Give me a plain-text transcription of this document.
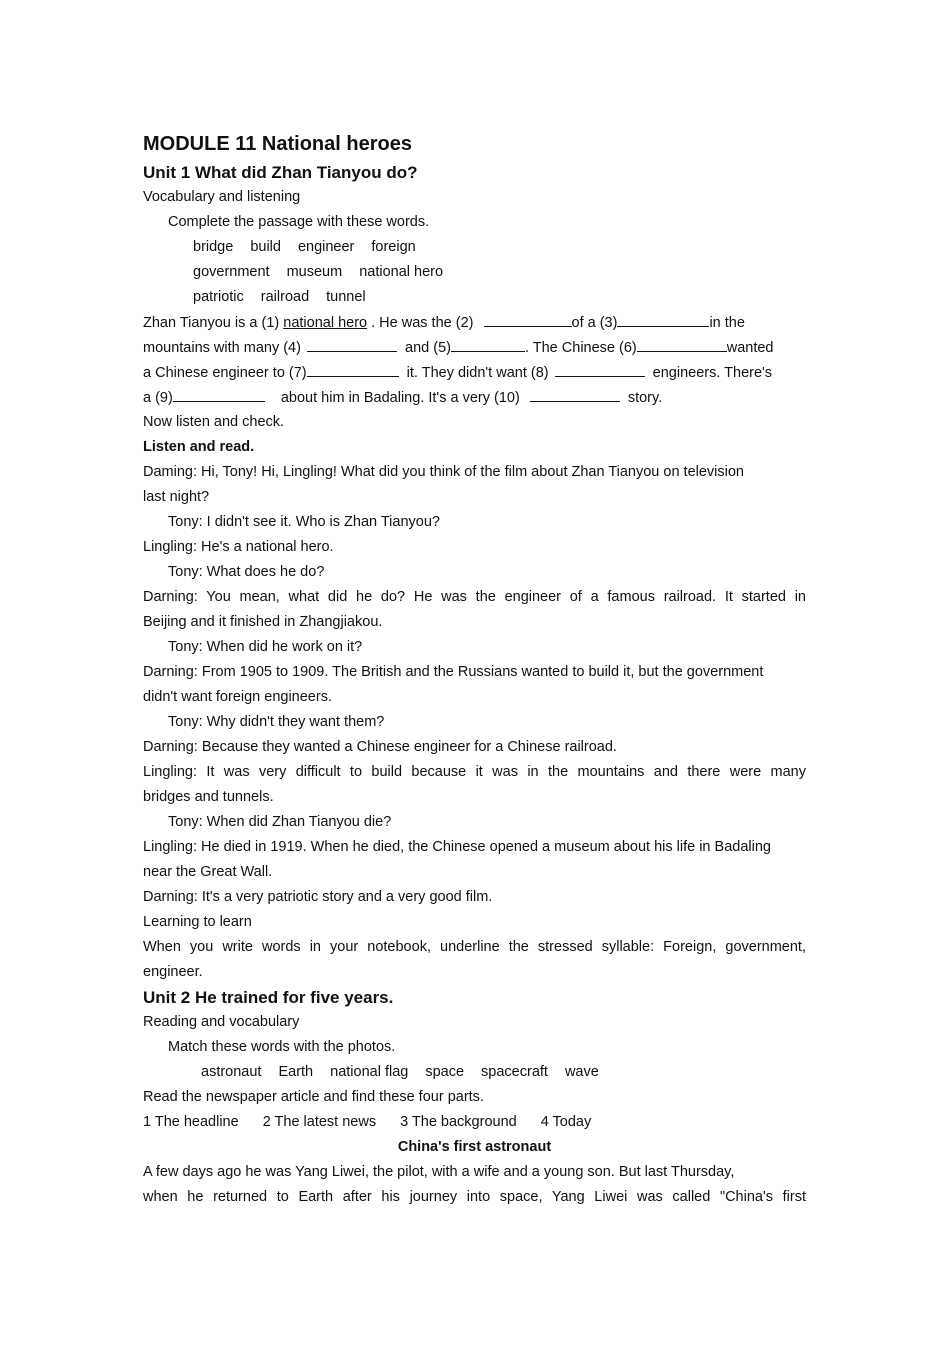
MODULE 11 National heroes
Unit 1 What did Zhan Tianyou do?
Vocabulary and listening
Complete the passage with these words.
bridge build engineer foreign
government museum national hero
patriotic railroad tunnel
Zhan Tianyou is a (1) national hero . He was the (2)	of a (3)	in the
mountains with many (4)	and (5)	. The Chinese (6)	wanted
a Chinese engineer to (7)	it. They didn't want (8)	engineers. There's
a (9)	about him in Badaling. It's a very (10)	story.
Now listen and check.
Listen and read.
Daming: Hi, Tony! Hi, Lingling! What did you think of the film about Zhan Tianyou on television
last night?
Tony: I didn't see it. Who is Zhan Tianyou?
Lingling: He's a national hero.
Tony: What does he do?
Darning: You mean, what did he do? He was the engineer of a famous railroad. It started in
Beijing and it finished in Zhangjiakou.
Tony: When did he work on it?
Darning: From 1905 to 1909. The British and the Russians wanted to build it, but the government
didn't want foreign engineers.
Tony: Why didn't they want them?
Darning: Because they wanted a Chinese engineer for a Chinese railroad.
Lingling: It was very difficult to build because it was in the mountains and there were many
bridges and tunnels.
Tony: When did Zhan Tianyou die?
Lingling: He died in 1919. When he died, the Chinese opened a museum about his life in Badaling
near the Great Wall.
Darning: It's a very patriotic story and a very good film.
Learning to learn
When you write words in your notebook, underline the stressed syllable: Foreign, government,
engineer.
Unit 2 He trained for five years.
Reading and vocabulary
Match these words with the photos.
astronaut Earth national flag space spacecraft wave
Read the newspaper article and find these four parts.
1 The headline 2 The latest news 3 The background 4 Today
China's first astronaut
A few days ago he was Yang Liwei, the pilot, with a wife and a young son. But last Thursday,
when he returned to Earth after his journey into space, Yang Liwei was called "China's first
